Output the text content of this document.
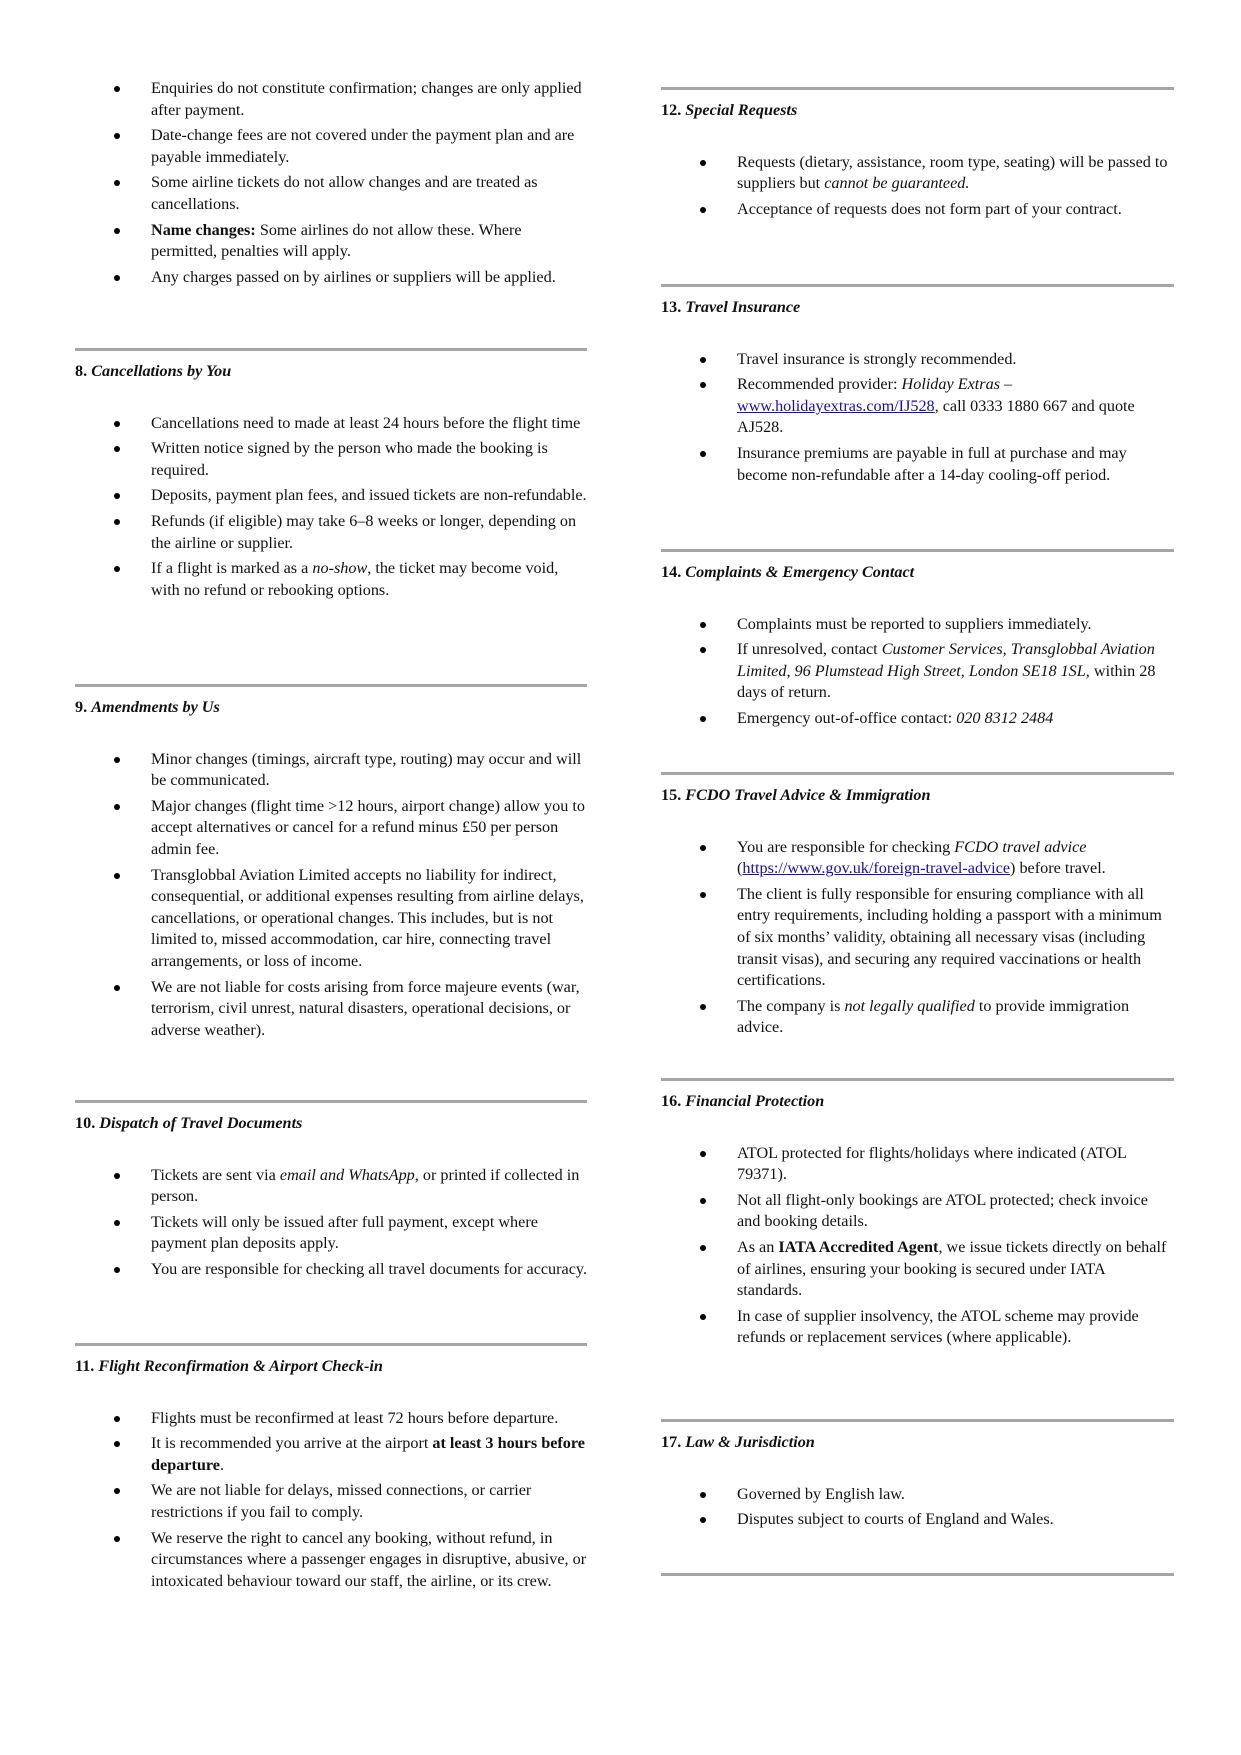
Enquiries do not constitute confirmation; changes are only applied after payment.
Date-change fees are not covered under the payment plan and are payable immediately.
Some airline tickets do not allow changes and are treated as cancellations.
Name changes: Some airlines do not allow these. Where permitted, penalties will apply.
Any charges passed on by airlines or suppliers will be applied.
8. Cancellations by You
Cancellations need to made at least 24 hours before the flight time
Written notice signed by the person who made the booking is required.
Deposits, payment plan fees, and issued tickets are non-refundable.
Refunds (if eligible) may take 6–8 weeks or longer, depending on the airline or supplier.
If a flight is marked as a no-show, the ticket may become void, with no refund or rebooking options.
9. Amendments by Us
Minor changes (timings, aircraft type, routing) may occur and will be communicated.
Major changes (flight time >12 hours, airport change) allow you to accept alternatives or cancel for a refund minus £50 per person admin fee.
Transglobbal Aviation Limited accepts no liability for indirect, consequential, or additional expenses resulting from airline delays, cancellations, or operational changes. This includes, but is not limited to, missed accommodation, car hire, connecting travel arrangements, or loss of income.
We are not liable for costs arising from force majeure events (war, terrorism, civil unrest, natural disasters, operational decisions, or adverse weather).
10. Dispatch of Travel Documents
Tickets are sent via email and WhatsApp, or printed if collected in person.
Tickets will only be issued after full payment, except where payment plan deposits apply.
You are responsible for checking all travel documents for accuracy.
11. Flight Reconfirmation & Airport Check-in
Flights must be reconfirmed at least 72 hours before departure.
It is recommended you arrive at the airport at least 3 hours before departure.
We are not liable for delays, missed connections, or carrier restrictions if you fail to comply.
We reserve the right to cancel any booking, without refund, in circumstances where a passenger engages in disruptive, abusive, or intoxicated behaviour toward our staff, the airline, or its crew.
12. Special Requests
Requests (dietary, assistance, room type, seating) will be passed to suppliers but cannot be guaranteed.
Acceptance of requests does not form part of your contract.
13. Travel Insurance
Travel insurance is strongly recommended.
Recommended provider: Holiday Extras – www.holidayextras.com/IJ528, call 0333 1880 667 and quote AJ528.
Insurance premiums are payable in full at purchase and may become non-refundable after a 14-day cooling-off period.
14. Complaints & Emergency Contact
Complaints must be reported to suppliers immediately.
If unresolved, contact Customer Services, Transglobbal Aviation Limited, 96 Plumstead High Street, London SE18 1SL, within 28 days of return.
Emergency out-of-office contact: 020 8312 2484
15. FCDO Travel Advice & Immigration
You are responsible for checking FCDO travel advice (https://www.gov.uk/foreign-travel-advice) before travel.
The client is fully responsible for ensuring compliance with all entry requirements, including holding a passport with a minimum of six months’ validity, obtaining all necessary visas (including transit visas), and securing any required vaccinations or health certifications.
The company is not legally qualified to provide immigration advice.
16. Financial Protection
ATOL protected for flights/holidays where indicated (ATOL 79371).
Not all flight-only bookings are ATOL protected; check invoice and booking details.
As an IATA Accredited Agent, we issue tickets directly on behalf of airlines, ensuring your booking is secured under IATA standards.
In case of supplier insolvency, the ATOL scheme may provide refunds or replacement services (where applicable).
17. Law & Jurisdiction
Governed by English law.
Disputes subject to courts of England and Wales.
